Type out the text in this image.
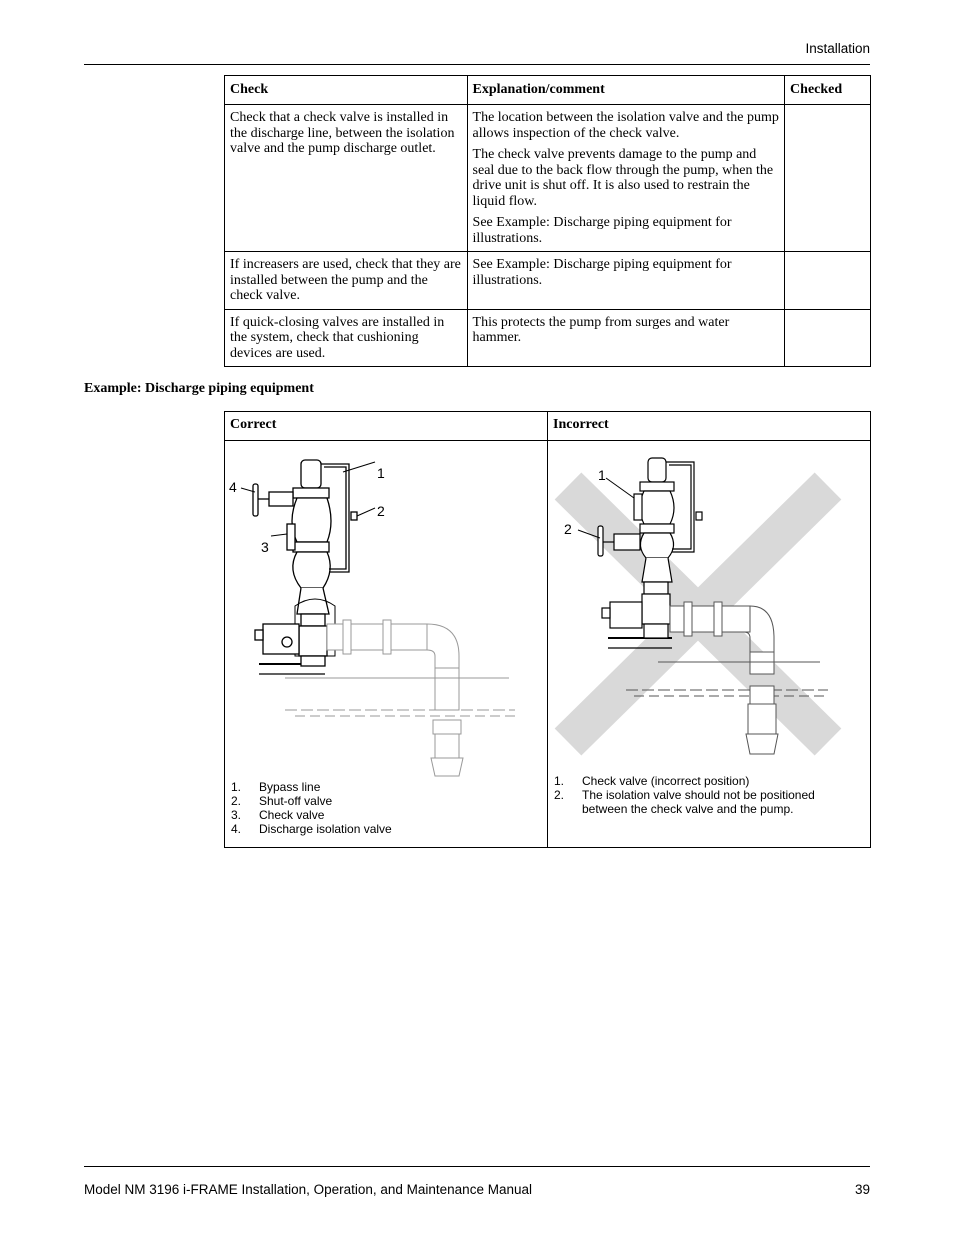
Installation
Check	Explanation/comment	Checked
Check that a check valve is installed in the discharge line, between the isolation valve and the pump discharge outlet.	The location between the isolation valve and the pump allows inspection of the check valve.

The check valve prevents damage to the pump and seal due to the back flow through the pump, when the drive unit is shut off. It is also used to restrain the liquid flow.

See Example: Discharge piping equipment for illustrations.	

If increasers are used, check that they are installed between the pump and the check valve.	See Example: Discharge piping equipment for illustrations.	

If quick-closing valves are installed in the system, check that cushioning devices are used.	This protects the pump from surges and water hammer.	

Example: Discharge piping equipment
Correct	Incorrect
1
2
3
4
1. Bypass line
2. Shut-off valve
3. Check valve
4. Discharge isolation valve
1
2
1. Check valve (incorrect position)
2. The isolation valve should not be positioned between the check valve and the pump.
Model NM 3196 i-FRAME Installation, Operation, and Maintenance Manual	39
